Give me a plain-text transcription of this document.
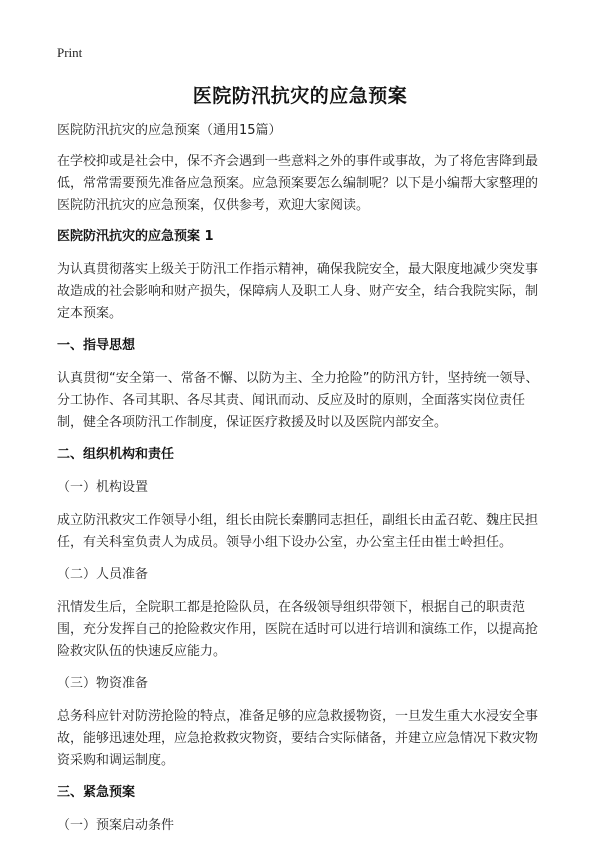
Print
医院防汛抗灾的应急预案

医院防汛抗灾的应急预案（通用15篇）

在学校抑或是社会中，保不齐会遇到一些意料之外的事件或事故，为了将危害降到最低，常常需要预先准备应急预案。应急预案要怎么编制呢？以下是小编帮大家整理的医院防汛抗灾的应急预案，仅供参考，欢迎大家阅读。

医院防汛抗灾的应急预案 1

为认真贯彻落实上级关于防汛工作指示精神，确保我院安全，最大限度地减少突发事故造成的社会影响和财产损失，保障病人及职工人身、财产安全，结合我院实际，制定本预案。

一、指导思想

认真贯彻“安全第一、常备不懈、以防为主、全力抢险”的防汛方针，坚持统一领导、分工协作、各司其职、各尽其责、闻讯而动、反应及时的原则，全面落实岗位责任制，健全各项防汛工作制度，保证医疗救援及时以及医院内部安全。

二、组织机构和责任

（一）机构设置

成立防汛救灾工作领导小组，组长由院长秦鹏同志担任，副组长由孟召乾、魏庄民担任，有关科室负责人为成员。领导小组下设办公室，办公室主任由崔士岭担任。

（二）人员准备

汛情发生后，全院职工都是抢险队员，在各级领导组织带领下，根据自己的职责范围，充分发挥自己的抢险救灾作用，医院在适时可以进行培训和演练工作，以提高抢险救灾队伍的快速反应能力。

（三）物资准备

总务科应针对防涝抢险的特点，准备足够的应急救援物资，一旦发生重大水浸安全事故，能够迅速处理，应急抢救救灾物资，要结合实际储备，并建立应急情况下救灾物资采购和调运制度。

三、紧急预案

（一）预案启动条件
